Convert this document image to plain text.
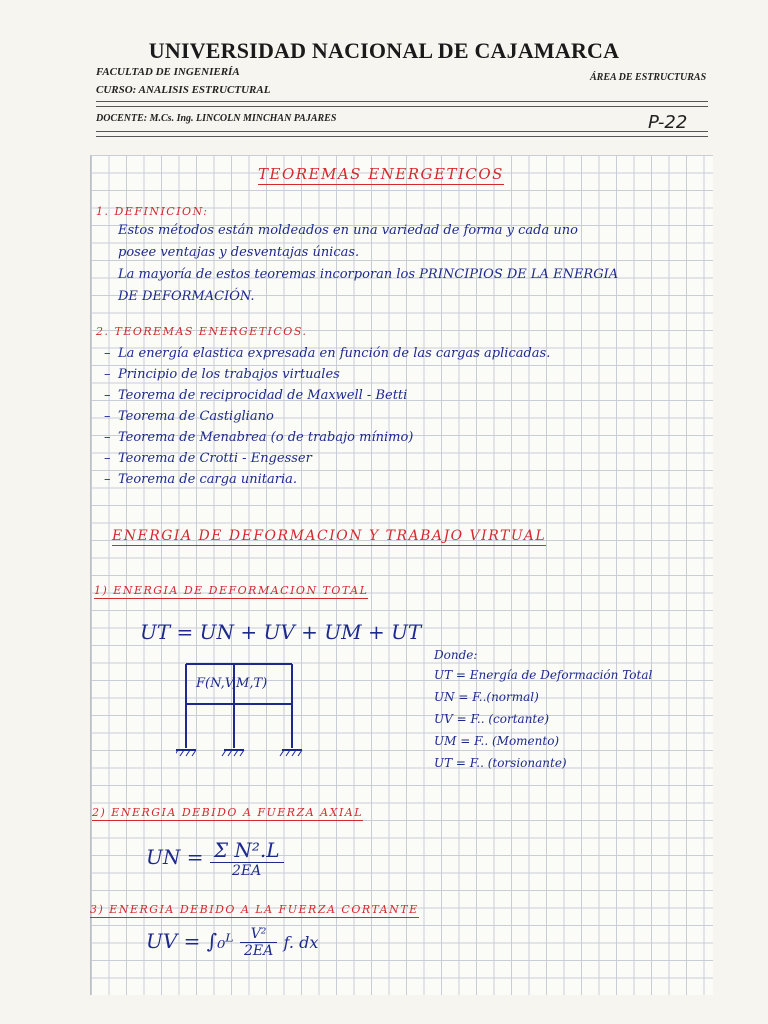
UNIVERSIDAD NACIONAL DE CAJAMARCA
FACULTAD DE INGENIERÍA	ÁREA DE ESTRUCTURAS
CURSO: ANALISIS ESTRUCTURAL
DOCENTE: M.Cs. Ing. LINCOLN MINCHAN PAJARES	P-22
TEOREMAS ENERGETICOS
1. DEFINICION:
Estos métodos están moldeados en una variedad de forma y cada uno
posee ventajas y desventajas únicas.
La mayoría de estos teoremas incorporan los PRINCIPIOS DE LA ENERGIA
DE DEFORMACIÓN.
2. TEOREMAS ENERGETICOS.
– La energía elastica expresada en función de las cargas aplicadas.
– Principio de los trabajos virtuales
– Teorema de reciprocidad de Maxwell - Betti
– Teorema de Castigliano
– Teorema de Menabrea (o de trabajo mínimo)
– Teorema de Crotti - Engesser
– Teorema de carga unitaria.
ENERGIA DE DEFORMACION Y TRABAJO VIRTUAL
1) ENERGIA DE DEFORMACION TOTAL
UT = UN + UV + UM + UT
F(N,V,M,T)
Donde:
UT = Energía de Deformación Total
UN = F..(normal)
UV = F.. (cortante)
UM = F.. (Momento)
UT = F.. (torsionante)
2) ENERGIA DEBIDO A FUERZA AXIAL
UN = $\frac{\text{Σ N².L}}{2EA}$
3) ENERGIA DEBIDO A LA FUERZA CORTANTE
UV = ∫₀ᴸ $\frac{\text{V²}}{2EA} f$. dx
